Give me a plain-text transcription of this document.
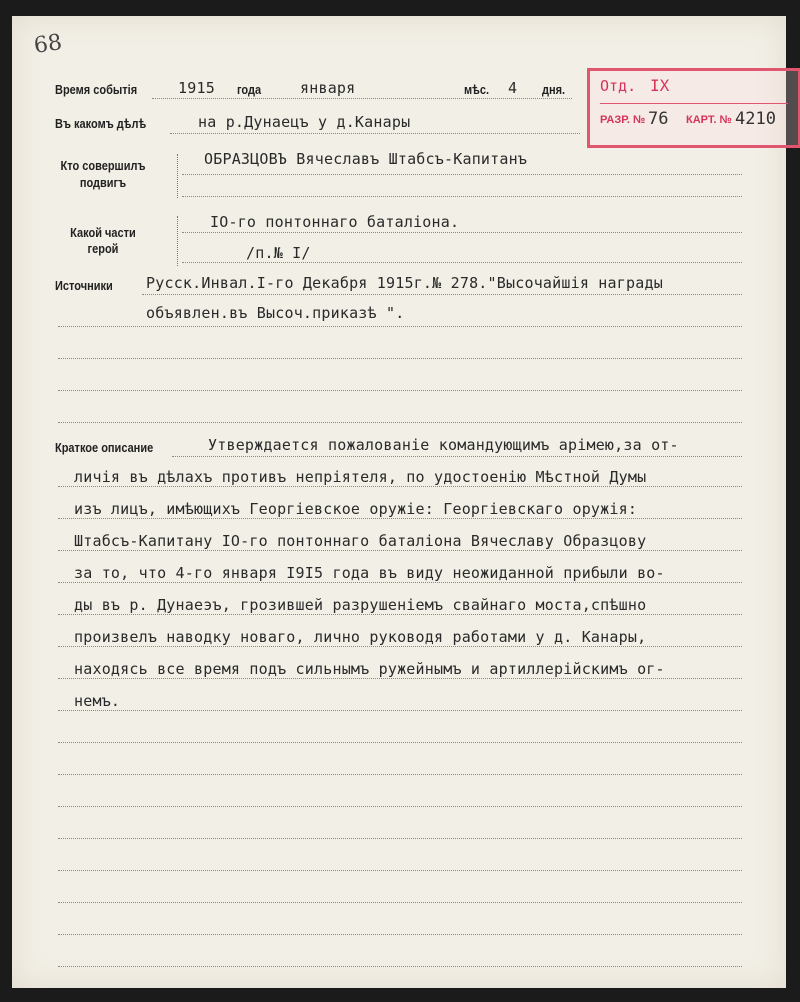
68
Отд. IX
РАЗР. № 76 КАРТ. № 4210
Время событія	1915 года	января	мѣс. 4 дня.
Въ какомъ дѣлѣ	на р.Дунаецъ у д.Канары
Кто совершилъ
подвигъ
ОБРАЗЦОВЪ Вячеславъ Штабсъ-Капитанъ
Какой части
герой
IO-го понтоннаго баталіона.
/п.№ I/
Источники Русск.Инвал.I-го Декабря 1915г.№ 278."Высочайшія награды
объявлен.въ Высоч.приказѣ ".
Краткое описание	Утверждается пожалованіе командующимъ арімею,за от-
личія въ дѣлахъ противъ непріятеля, по удостоенію Мѣстной Думы
изъ лицъ, имѣющихъ Георгіевское оружіе: Георгіевскаго оружія:
Штабсъ-Капитану IO-го понтоннаго баталіона Вячеславу Образцову
за то, что 4-го января I9I5 года въ виду неожиданной прибыли во-
ды въ р. Дунаеэъ, грозившей разрушеніемъ свайнаго моста,спѣшно
произвелъ наводку новаго, лично руководя работами у д. Канары,
находясь все время подъ сильнымъ ружейнымъ и артиллерійскимъ ог-
немъ.
